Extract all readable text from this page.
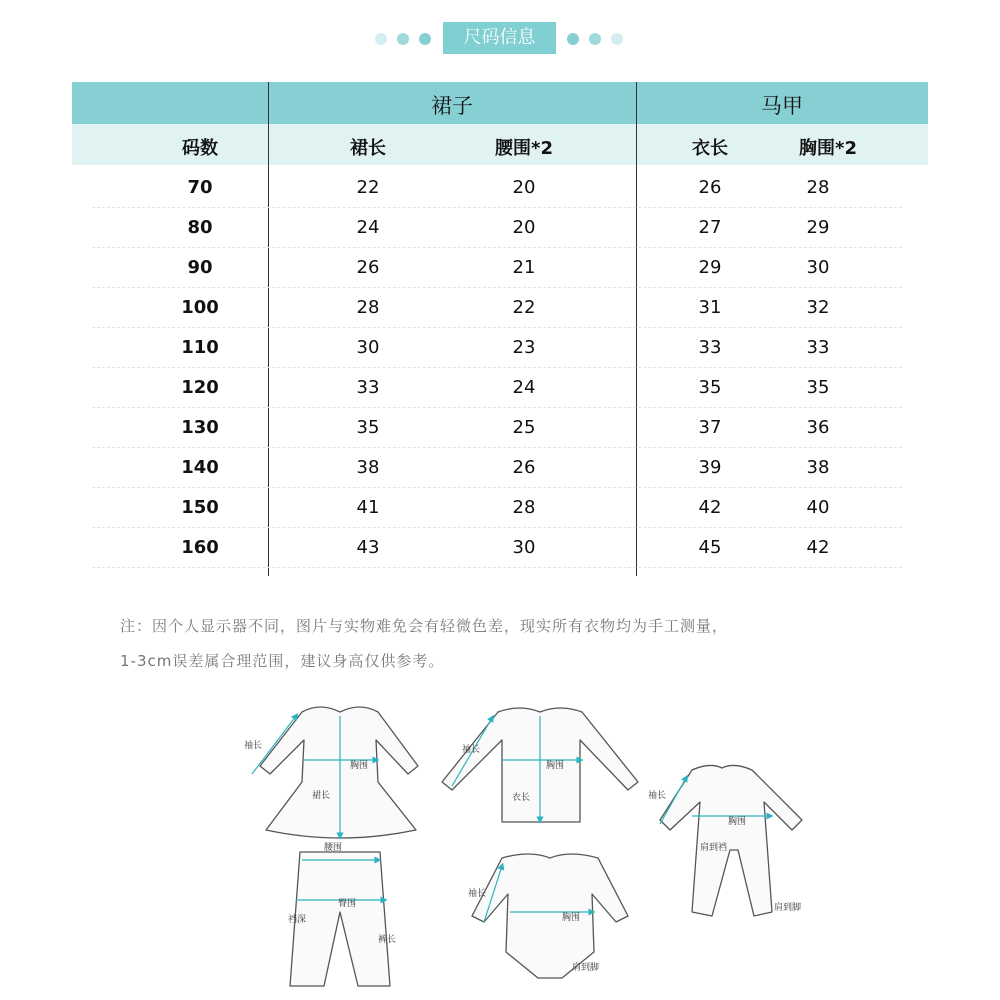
尺码信息
裙子	马甲
码数	裙长	腰围*2	衣长	胸围*2
70	22	20	26	28
80	24	20	27	29
90	26	21	29	30
100	28	22	31	32
110	30	23	33	33
120	33	24	35	35
130	35	25	37	36
140	38	26	39	38
150	41	28	42	40
160	43	30	45	42
注：因个人显示器不同，图片与实物难免会有轻微色差，现实所有衣物均为手工测量，
1-3cm误差属合理范围，建议身高仅供参考。
袖长
胸围
裙长
袖长
胸围
衣长	袖长
胸围
肩到裆
肩到脚
腰围
臀围
裆深
裤长
袖长
胸围
肩到脚
